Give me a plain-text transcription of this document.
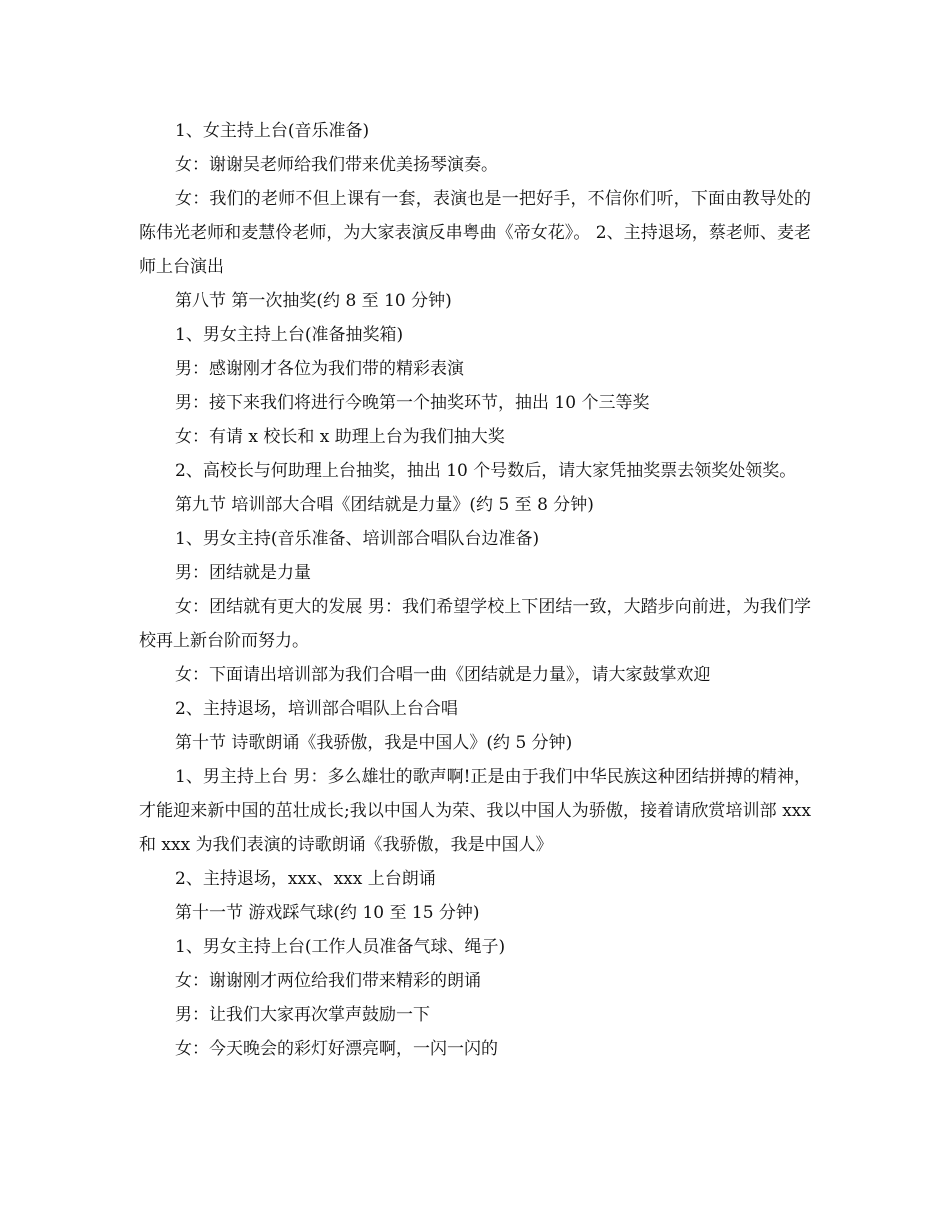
1、女主持上台(音乐准备)

女：谢谢吴老师给我们带来优美扬琴演奏。

女：我们的老师不但上课有一套，表演也是一把好手，不信你们听，下面由教导处的陈伟光老师和麦慧伶老师，为大家表演反串粤曲《帝女花》。 2、主持退场，蔡老师、麦老师上台演出

第八节 第一次抽奖(约 8 至 10 分钟)

1、男女主持上台(准备抽奖箱)

男：感谢刚才各位为我们带的精彩表演

男：接下来我们将进行今晚第一个抽奖环节，抽出 10 个三等奖

女：有请 x 校长和 x 助理上台为我们抽大奖

2、高校长与何助理上台抽奖，抽出 10 个号数后，请大家凭抽奖票去领奖处领奖。

第九节 培训部大合唱《团结就是力量》(约 5 至 8 分钟)

1、男女主持(音乐准备、培训部合唱队台边准备)

男：团结就是力量

女：团结就有更大的发展 男：我们希望学校上下团结一致，大踏步向前进，为我们学校再上新台阶而努力。

女：下面请出培训部为我们合唱一曲《团结就是力量》，请大家鼓掌欢迎

2、主持退场，培训部合唱队上台合唱

第十节 诗歌朗诵《我骄傲，我是中国人》(约 5 分钟)

1、男主持上台 男：多么雄壮的歌声啊!正是由于我们中华民族这种团结拼搏的精神，才能迎来新中国的茁壮成长;我以中国人为荣、我以中国人为骄傲，接着请欣赏培训部 xxx 和 xxx 为我们表演的诗歌朗诵《我骄傲，我是中国人》

2、主持退场，xxx、xxx 上台朗诵

第十一节 游戏踩气球(约 10 至 15 分钟)

1、男女主持上台(工作人员准备气球、绳子)

女：谢谢刚才两位给我们带来精彩的朗诵

男：让我们大家再次掌声鼓励一下

女：今天晚会的彩灯好漂亮啊，一闪一闪的
